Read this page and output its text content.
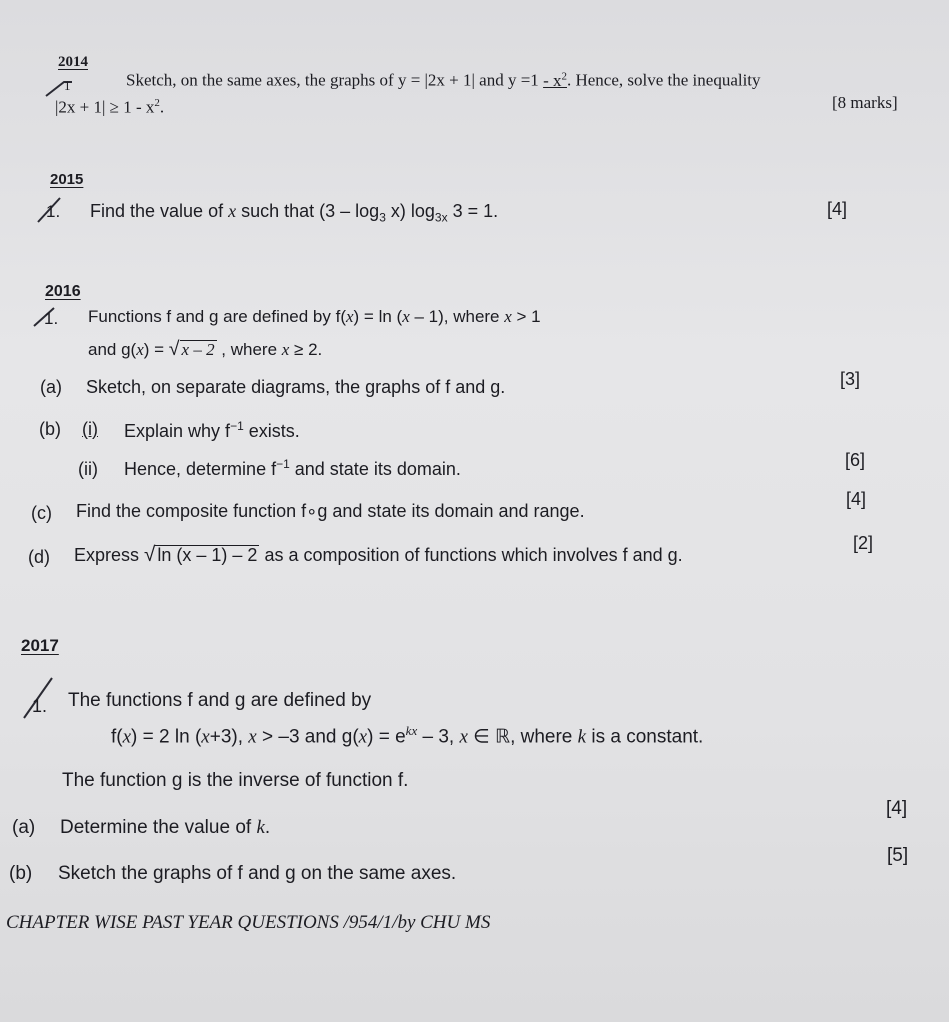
2014
1	Sketch, on the same axes, the graphs of y = |2x + 1| and $y =1 - x^2$. Hence, solve the inequality
$|2x + 1| \ge 1 - x^2$.	[8 marks]
2015
1. Find the value of x such that $(3 - \log_3 x)$ $\log_{3x} 3 = 1$.	[4]
2016
1. Functions f and g are defined by f(x) = ln (x – 1), where x > 1
and g(x) = √ x – 2 , where x ≥ 2.
(a) Sketch, on separate diagrams, the graphs of f and g.	[3]
(b) (i) Explain why $f^{-1}$ exists.
(ii) Hence, determine $f^{-1}$ and state its domain.	[6]
(c) Find the composite function f∘g and state its domain and range.
[4]
(d) Express √ ln (x – 1) – 2 as a composition of functions which involves f and g.
[2]
2017
1. The functions f and g are defined by
f(x) = 2 ln (x+3), x > –3 and $g(x) = e^{kx} - 3$, x ∈ ℝ, where k is a constant.
The function g is the inverse of function f.
(a) Determine the value of k.
[4]
(b) Sketch the graphs of f and g on the same axes.
[5]
CHAPTER WISE PAST YEAR QUESTIONS /954/1/by CHU MS
